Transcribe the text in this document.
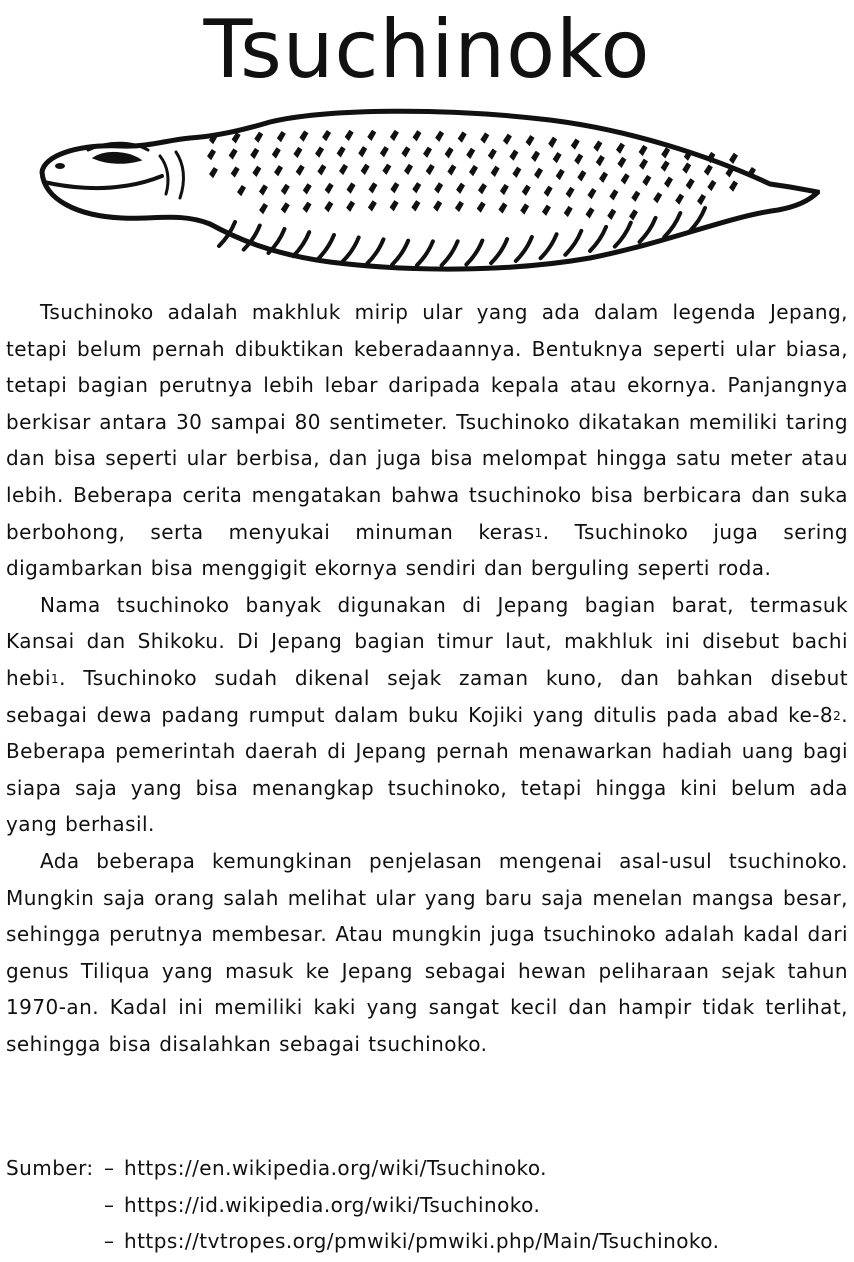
Tsuchinoko

Tsuchinoko adalah makhluk mirip ular yang ada dalam legenda Jepang, tetapi belum pernah dibuktikan keberadaannya. Bentuknya seperti ular biasa, tetapi bagian perutnya lebih lebar daripada kepala atau ekornya. Panjangnya berkisar antara 30 sampai 80 sentimeter. Tsuchinoko dikatakan memiliki taring dan bisa seperti ular berbisa, dan juga bisa melompat hingga satu meter atau lebih. Beberapa cerita mengatakan bahwa tsuchinoko bisa berbicara dan suka berbohong, serta menyukai minuman keras$^1$. Tsuchinoko juga sering digambarkan bisa menggigit ekornya sendiri dan berguling seperti roda.

Nama tsuchinoko banyak digunakan di Jepang bagian barat, termasuk Kansai dan Shikoku. Di Jepang bagian timur laut, makhluk ini disebut bachi hebi$^1$. Tsuchinoko sudah dikenal sejak zaman kuno, dan bahkan disebut sebagai dewa padang rumput dalam buku Kojiki yang ditulis pada abad $ke-8^2$. Beberapa pemerintah daerah di Jepang pernah menawarkan hadiah uang bagi siapa saja yang bisa menangkap tsuchinoko, tetapi hingga kini belum ada yang berhasil.

Ada beberapa kemungkinan penjelasan mengenai asal-usul tsuchinoko. Mungkin saja orang salah melihat ular yang baru saja menelan mangsa besar, sehingga perutnya membesar. Atau mungkin juga tsuchinoko adalah kadal dari genus Tiliqua yang masuk ke Jepang sebagai hewan peliharaan sejak tahun 1970-an. Kadal ini memiliki kaki yang sangat kecil dan hampir tidak terlihat, sehingga bisa disalahkan sebagai tsuchinoko.

Sumber: – https://en.wikipedia.org/wiki/Tsuchinoko.
– https://id.wikipedia.org/wiki/Tsuchinoko.
– https://tvtropes.org/pmwiki/pmwiki.php/Main/Tsuchinoko.
